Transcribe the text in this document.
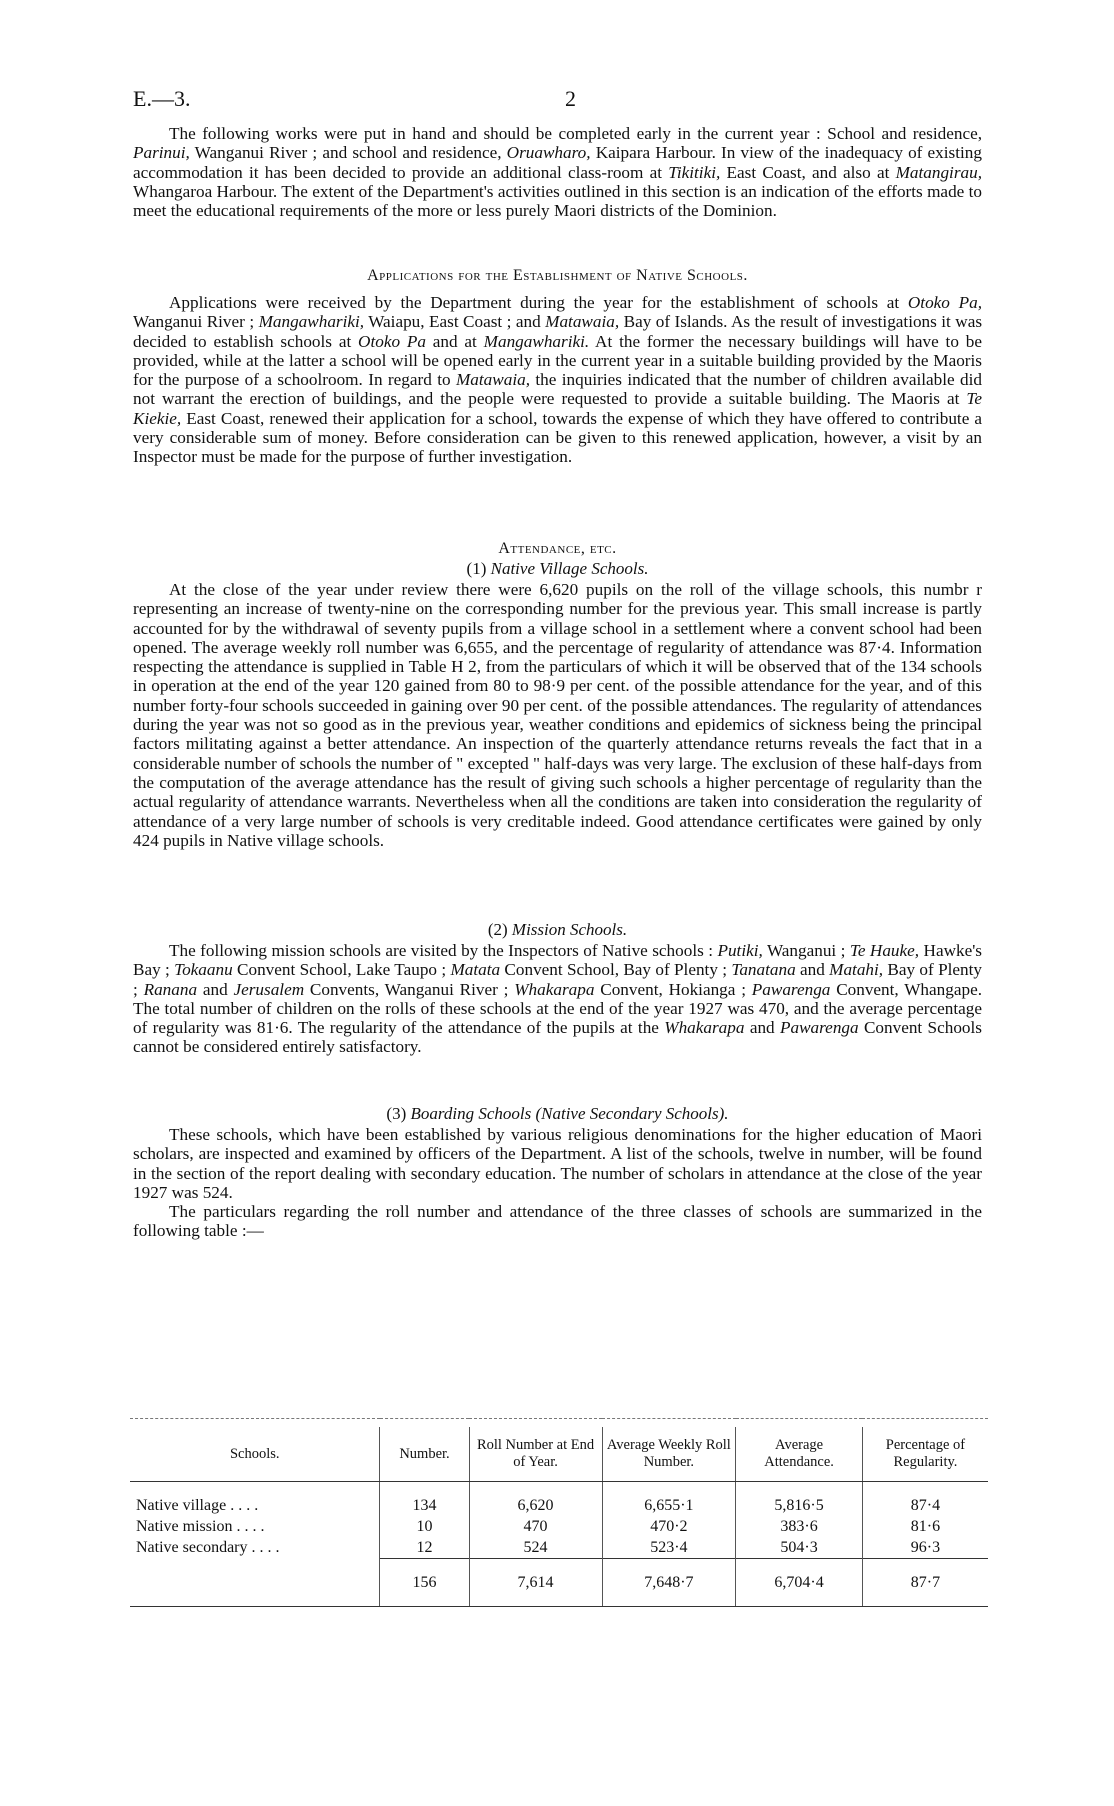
E.—3.	2

The following works were put in hand and should be completed early in the current year : School and residence, Parinui, Wanganui River ; and school and residence, Oruawharo, Kaipara Harbour. In view of the inadequacy of existing accommodation it has been decided to provide an additional class-room at Tikitiki, East Coast, and also at Matangirau, Whangaroa Harbour. The extent of the Department's activities outlined in this section is an indication of the efforts made to meet the educational requirements of the more or less purely Maori districts of the Dominion.

Applications for the Establishment of Native Schools.

Applications were received by the Department during the year for the establishment of schools at Otoko Pa, Wanganui River ; Mangawhariki, Waiapu, East Coast ; and Matawaia, Bay of Islands. As the result of investigations it was decided to establish schools at Otoko Pa and at Mangawhariki. At the former the necessary buildings will have to be provided, while at the latter a school will be opened early in the current year in a suitable building provided by the Maoris for the purpose of a schoolroom. In regard to Matawaia, the inquiries indicated that the number of children available did not warrant the erection of buildings, and the people were requested to provide a suitable building. The Maoris at Te Kiekie, East Coast, renewed their application for a school, towards the expense of which they have offered to contribute a very considerable sum of money. Before consideration can be given to this renewed application, however, a visit by an Inspector must be made for the purpose of further investigation.

Attendance, etc.
(1) Native Village Schools.

At the close of the year under review there were 6,620 pupils on the roll of the village schools, this numbr r representing an increase of twenty-nine on the corresponding number for the previous year. This small increase is partly accounted for by the withdrawal of seventy pupils from a village school in a settlement where a convent school had been opened. The average weekly roll number was 6,655, and the percentage of regularity of attendance was 87·4. Information respecting the attendance is supplied in Table H 2, from the particulars of which it will be observed that of the 134 schools in operation at the end of the year 120 gained from 80 to 98·9 per cent. of the possible attendance for the year, and of this number forty-four schools succeeded in gaining over 90 per cent. of the possible attendances. The regularity of attendances during the year was not so good as in the previous year, weather conditions and epidemics of sickness being the principal factors militating against a better attendance. An inspection of the quarterly attendance returns reveals the fact that in a considerable number of schools the number of " excepted " half-days was very large. The exclusion of these half-days from the computation of the average attendance has the result of giving such schools a higher percentage of regularity than the actual regularity of attendance warrants. Nevertheless when all the conditions are taken into consideration the regularity of attendance of a very large number of schools is very creditable indeed. Good attendance certificates were gained by only 424 pupils in Native village schools.

(2) Mission Schools.

The following mission schools are visited by the Inspectors of Native schools : Putiki, Wanganui ; Te Hauke, Hawke's Bay ; Tokaanu Convent School, Lake Taupo ; Matata Convent School, Bay of Plenty ; Tanatana and Matahi, Bay of Plenty ; Ranana and Jerusalem Convents, Wanganui River ; Whakarapa Convent, Hokianga ; Pawarenga Convent, Whangape. The total number of children on the rolls of these schools at the end of the year 1927 was 470, and the average percentage of regularity was 81·6. The regularity of the attendance of the pupils at the Whakarapa and Pawarenga Convent Schools cannot be considered entirely satisfactory.

(3) Boarding Schools (Native Secondary Schools).

These schools, which have been established by various religious denominations for the higher education of Maori scholars, are inspected and examined by officers of the Department. A list of the schools, twelve in number, will be found in the section of the report dealing with secondary education. The number of scholars in attendance at the close of the year 1927 was 524.

The particulars regarding the roll number and attendance of the three classes of schools are summarized in the following table :—

Schools.	Number.	Roll Number at End of Year.	Average Weekly Roll Number.	Average Attendance.	Percentage of Regularity.
Native village . . . .	134	6,620	6,655·1	5,816·5	87·4
Native mission . . . .	10	470	470·2	383·6	81·6
Native secondary . . . .	12	524	523·4	504·3	96·3
	156	7,614	7,648·7	6,704·4	87·7
